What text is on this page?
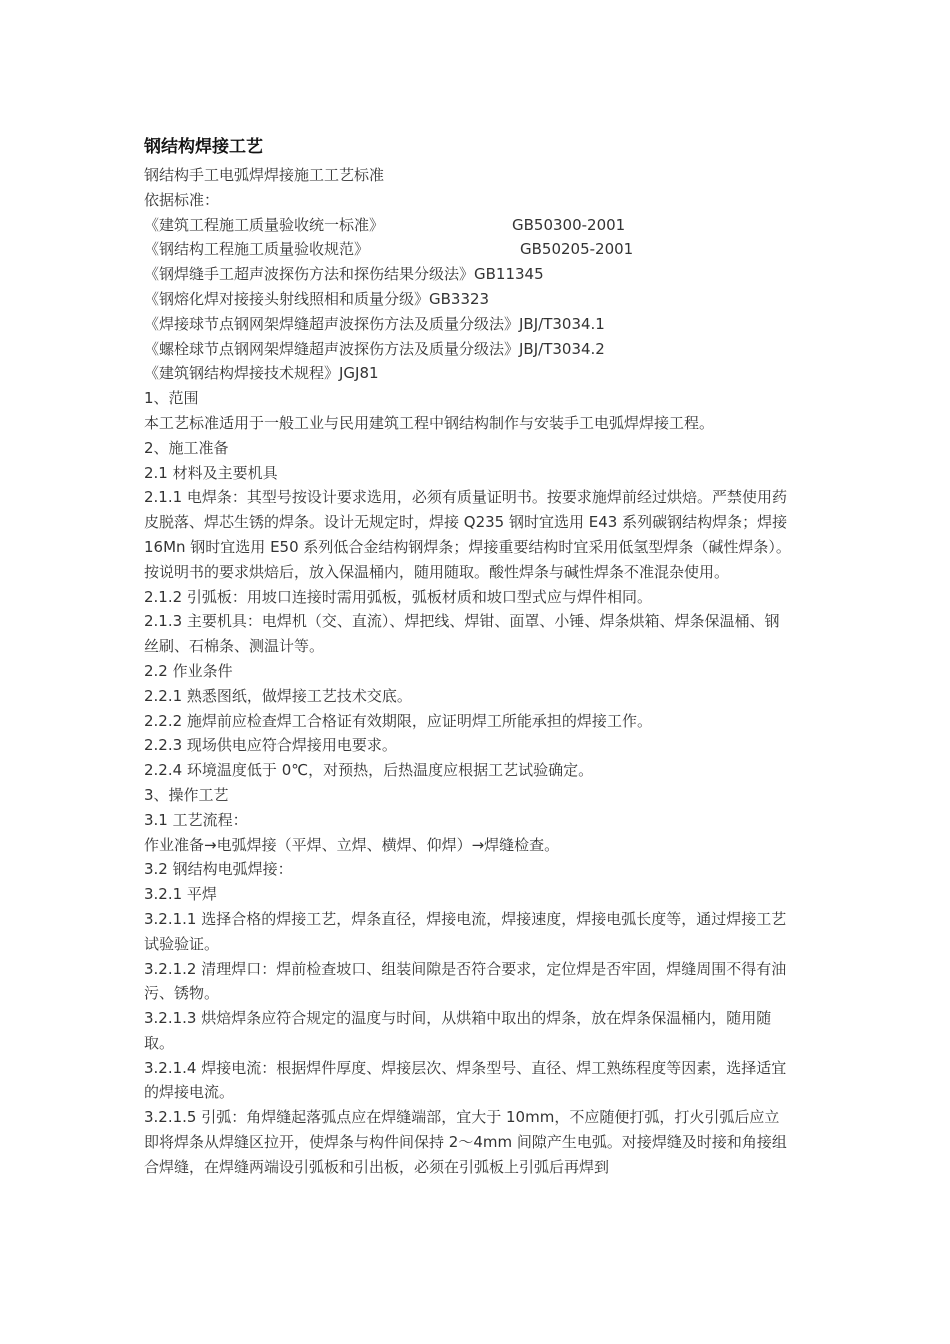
钢结构焊接工艺
钢结构手工电弧焊焊接施工工艺标准
依据标准：
《建筑工程施工质量验收统一标准》	GB50300-2001
《钢结构工程施工质量验收规范》	GB50205-2001
《钢焊缝手工超声波探伤方法和探伤结果分级法》GB11345
《钢熔化焊对接接头射线照相和质量分级》GB3323
《焊接球节点钢网架焊缝超声波探伤方法及质量分级法》JBJ/T3034.1
《螺栓球节点钢网架焊缝超声波探伤方法及质量分级法》JBJ/T3034.2
《建筑钢结构焊接技术规程》JGJ81
1、范围
本工艺标准适用于一般工业与民用建筑工程中钢结构制作与安装手工电弧焊焊接工程。
2、施工准备
2.1 材料及主要机具
2.1.1 电焊条：其型号按设计要求选用，必须有质量证明书。按要求施焊前经过烘焙。严禁使用药皮脱落、焊芯生锈的焊条。设计无规定时，焊接 Q235 钢时宜选用 E43 系列碳钢结构焊条；焊接 16Mn 钢时宜选用 E50 系列低合金结构钢焊条；焊接重要结构时宜采用低氢型焊条（碱性焊条）。按说明书的要求烘焙后，放入保温桶内，随用随取。酸性焊条与碱性焊条不准混杂使用。
2.1.2 引弧板：用坡口连接时需用弧板，弧板材质和坡口型式应与焊件相同。
2.1.3 主要机具：电焊机（交、直流）、焊把线、焊钳、面罩、小锤、焊条烘箱、焊条保温桶、钢丝刷、石棉条、测温计等。
2.2 作业条件
2.2.1 熟悉图纸，做焊接工艺技术交底。
2.2.2 施焊前应检查焊工合格证有效期限，应证明焊工所能承担的焊接工作。
2.2.3 现场供电应符合焊接用电要求。
2.2.4 环境温度低于 0℃，对预热，后热温度应根据工艺试验确定。
3、操作工艺
3.1 工艺流程：
作业准备→电弧焊接（平焊、立焊、横焊、仰焊）→焊缝检查。
3.2 钢结构电弧焊接：
3.2.1 平焊
3.2.1.1 选择合格的焊接工艺，焊条直径，焊接电流，焊接速度，焊接电弧长度等，通过焊接工艺试验验证。
3.2.1.2 清理焊口：焊前检查坡口、组装间隙是否符合要求，定位焊是否牢固，焊缝周围不得有油污、锈物。
3.2.1.3 烘焙焊条应符合规定的温度与时间，从烘箱中取出的焊条，放在焊条保温桶内，随用随取。
3.2.1.4 焊接电流：根据焊件厚度、焊接层次、焊条型号、直径、焊工熟练程度等因素，选择适宜的焊接电流。
3.2.1.5 引弧：角焊缝起落弧点应在焊缝端部，宜大于 10mm，不应随便打弧，打火引弧后应立即将焊条从焊缝区拉开，使焊条与构件间保持 2～4mm 间隙产生电弧。对接焊缝及时接和角接组合焊缝，在焊缝两端设引弧板和引出板，必须在引弧板上引弧后再焊到
